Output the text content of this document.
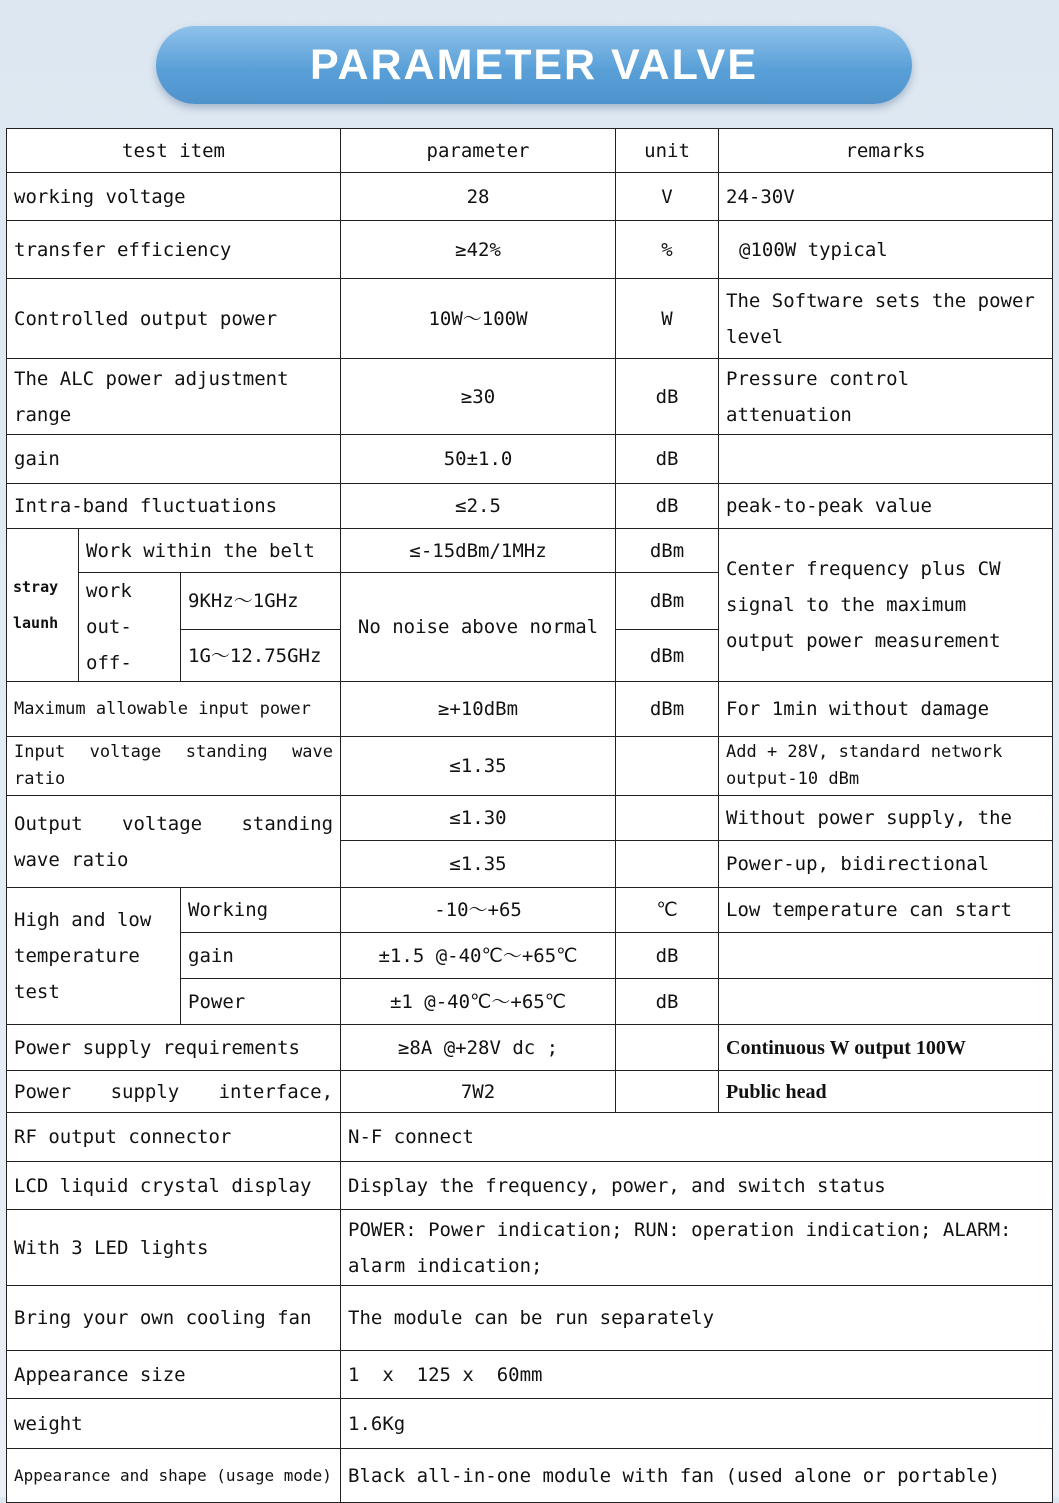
PARAMETER VALVE
test item			parameter	unit	remarks
working voltage			28	V	24-30V
transfer efficiency			≥42%	%	@100W typical
Controlled output power			10W～100W	W	The Software sets the power level
The ALC power adjustment range			≥30	dB	Pressure control attenuation
gain			50±1.0	dB	
Intra-band fluctuations			≤2.5	dB	peak-to-peak value
stray launh	Work within the belt		≤-15dBm/1MHz	dBm	Center frequency plus CW signal to the maximum output power measurement
	work out-off-	9KHz～1GHz	No noise above normal	dBm	
		1G～12.75GHz		dBm	
Maximum allowable input power			≥+10dBm	dBm	For 1min without damage
Input voltage standing wave ratio			≤1.35		Add + 28V, standard network output-10 dBm
Output voltage standing wave ratio			≤1.30		Without power supply, the
			≤1.35		Power-up, bidirectional
High and low temperature test		Working	-10～+65	℃	Low temperature can start
		gain	±1.5 @-40℃～+65℃	dB	
		Power	±1 @-40℃～+65℃	dB	
Power supply requirements			≥8A @+28V dc ;		Continuous W output 100W
Power supply interface,			7W2		Public head
RF output connector			N-F connect		
LCD liquid crystal display			Display the frequency, power, and switch status		
With 3 LED lights			POWER: Power indication; RUN: operation indication; ALARM: alarm indication;		
Bring your own cooling fan			The module can be run separately		
Appearance size			1  x  125 x  60mm		
weight			1.6Kg		
Appearance and shape (usage mode)			Black all-in-one module with fan (used alone or portable)		
